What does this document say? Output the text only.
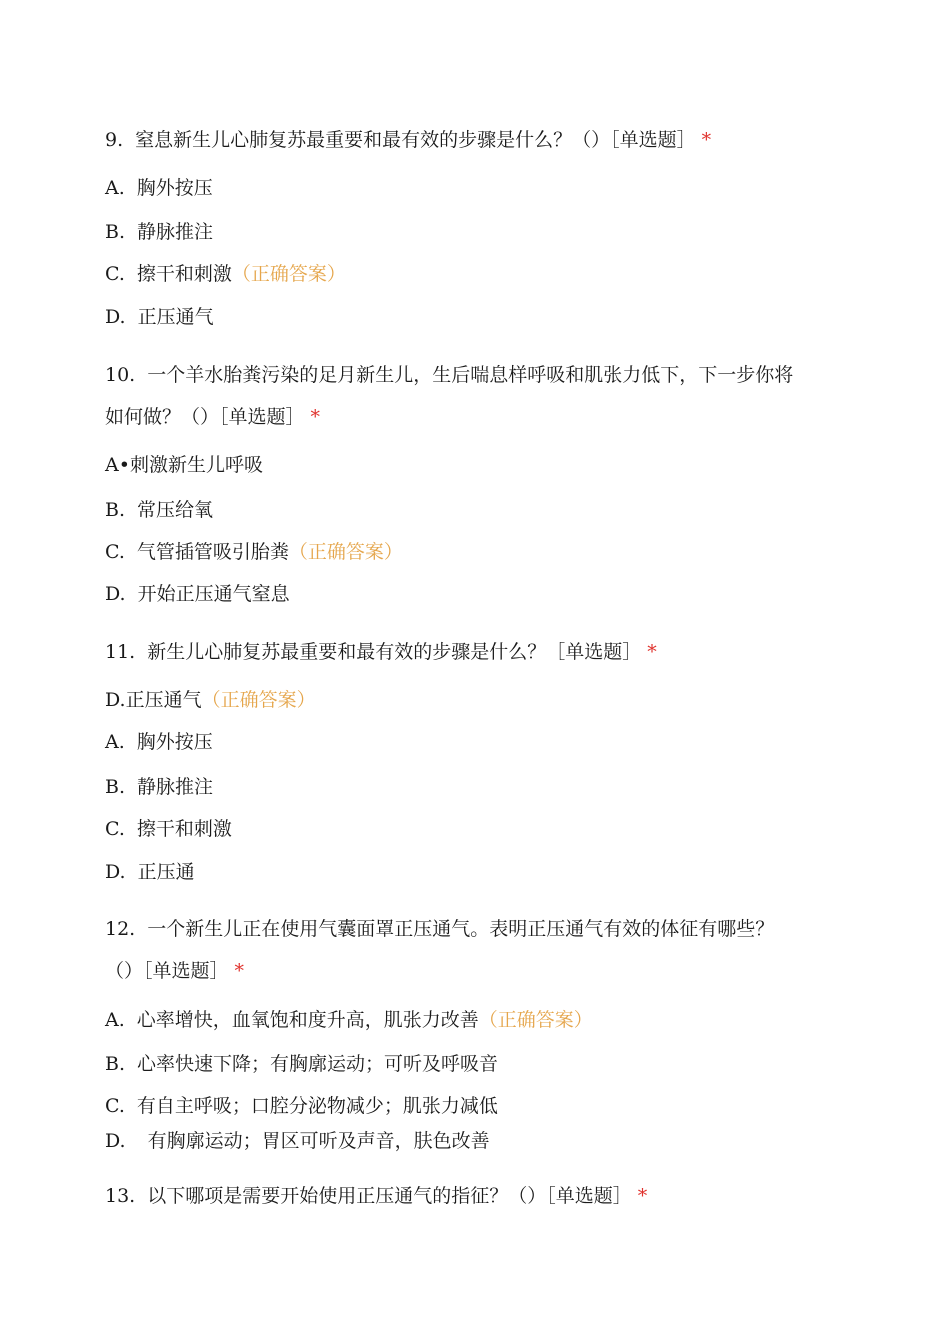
9. 窒息新生儿心肺复苏最重要和最有效的步骤是什么？（）［单选题］ *
A. 胸外按压
B. 静脉推注
C. 擦干和刺激（正确答案）
D. 正压通气
10. 一个羊水胎粪污染的足月新生儿，生后喘息样呼吸和肌张力低下，下一步你将
如何做？（）［单选题］ *
A•刺激新生儿呼吸
B. 常压给氧
C. 气管插管吸引胎粪（正确答案）
D. 开始正压通气窒息
11. 新生儿心肺复苏最重要和最有效的步骤是什么？［单选题］ *
D.正压通气（正确答案）
A. 胸外按压
B. 静脉推注
C. 擦干和刺激
D. 正压通
12. 一个新生儿正在使用气囊面罩正压通气。表明正压通气有效的体征有哪些？
（）［单选题］ *
A. 心率增快，血氧饱和度升高，肌张力改善（正确答案）
B. 心率快速下降；有胸廓运动；可听及呼吸音
C. 有自主呼吸；口腔分泌物减少；肌张力减低
D. 有胸廓运动；胃区可听及声音，肤色改善
13. 以下哪项是需要开始使用正压通气的指征？（）［单选题］ *
